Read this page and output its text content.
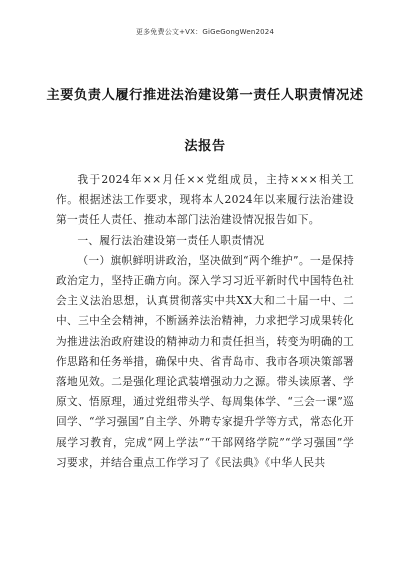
更多免费公文+VX：GiGeGongWen2024
主要负责人履行推进法治建设第一责任人职责情况述法报告

我于2024年××月任××党组成员，主持×××相关工作。根据述法工作要求，现将本人2024年以来履行法治建设第一责任人责任、推动本部门法治建设情况报告如下。

一、履行法治建设第一责任人职责情况

（一）旗帜鲜明讲政治，坚决做到“两个维护”。一是保持政治定力，坚持正确方向。深入学习习近平新时代中国特色社会主义法治思想，认真贯彻落实中共XX大和二十届一中、二中、三中全会精神，不断涵养法治精神，力求把学习成果转化为推进法治政府建设的精神动力和责任担当，转变为明确的工作思路和任务举措，确保中央、省青岛市、我市各项决策部署落地见效。二是强化理论武装增强动力之源。带头读原著、学原文、悟原理，通过党组带头学、每周集体学、“三会一课”巡回学、“学习强国”自主学、外聘专家提升学等方式，常态化开展学习教育，完成“网上学法”“干部网络学院”“学习强国”学习要求，并结合重点工作学习了《民法典》《中华人民共
